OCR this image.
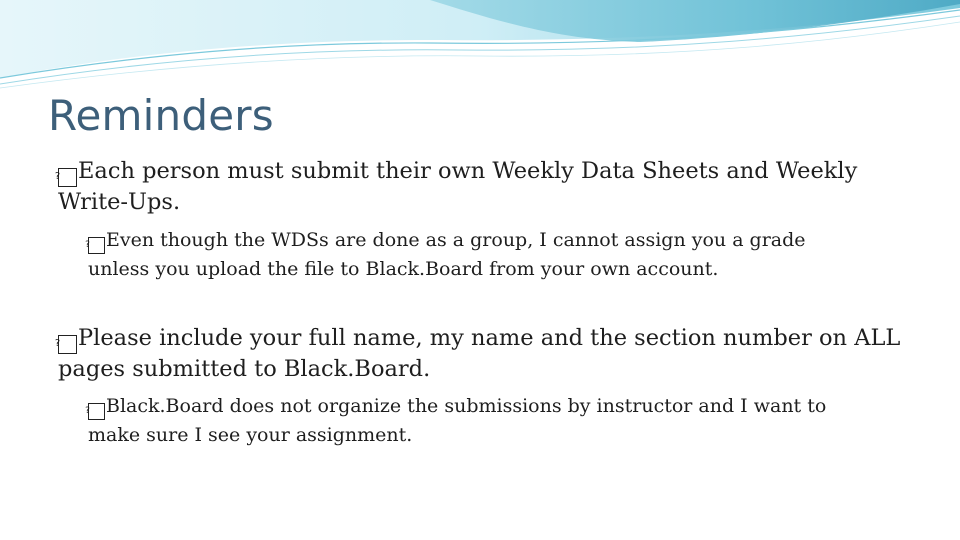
Reminders
? Each person must submit their own Weekly Data Sheets and Weekly
Write-Ups.
? Even though the WDSs are done as a group, I cannot assign you a grade
unless you upload the file to Black.Board from your own account.
? Please include your full name, my name and the section number on ALL
pages submitted to Black.Board.
? Black.Board does not organize the submissions by instructor and I want to
make sure I see your assignment.
